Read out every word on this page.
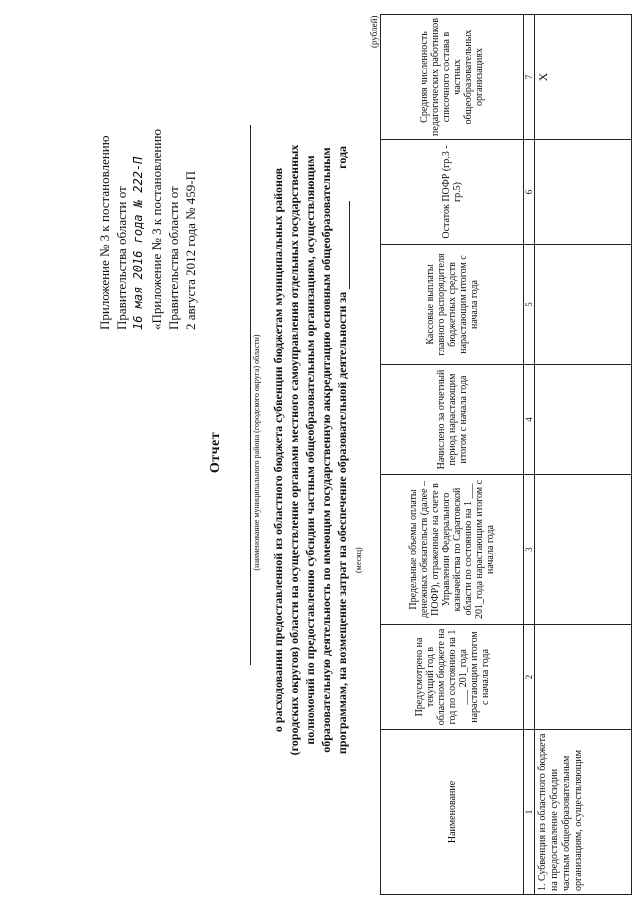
Приложение № 3 к постановлению Правительства области от 16 мая 2016 года № 222-П «Приложение № 3 к постановлению Правительства области от 2 августа 2012 года № 459-П
Отчет	(наименование муниципального района (городского округа) области) о расходовании предоставленной из областного бюджета субвенции бюджетам муниципальных районов (городских округов) области на осуществление органами местного самоуправления отдельных государственных полномочий по предоставлению субсидии частным общеобразовательным организациям, осуществляющим образовательную деятельность по имеющим государственную аккредитацию основным общеобразовательным программам, на возмещение затрат на обеспечение образовательной деятельности за   года
(месяц)
(рублей)
Наименование	Предусмотрено на текущий год в областном бюджете на год по состоянию на 1 ___ 201_года нарастающим итогом с начала года	Предельные объемы оплаты денежных обязательств (далее – ПОФР), отраженные на счете в Управлении Федерального казначейства по Саратовской области по состоянию на 1 ___ 201_года нарастающим итогом с начала года	Начислено за отчетный период нарастающим итогом с начала года	Кассовые выплаты главного распорядителя бюджетных средств нарастающим итогом с начала года	Остаток ПОФР (гр.3 - гр.5)	Средняя численность педагогических работников списочного состава в частных общеобразовательных организациях
1	2	3	4	5	6	7
1. Субвенция из областного бюджета на предоставление субсидии частным общеобразовательным организациям, осуществляющим						X
